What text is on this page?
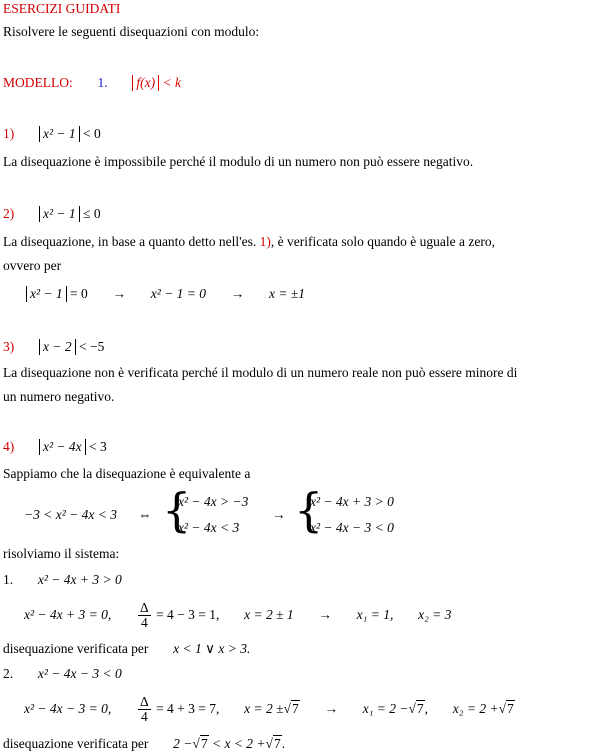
ESERCIZI GUIDATI
Risolvere le seguenti disequazioni con modulo:
MODELLO: 1. f(x) < k
1) x² − 1 < 0
La disequazione è impossibile perché il modulo di un numero non può essere negativo.
2) x² − 1 ≤ 0
La disequazione, in base a quanto detto nell'es. 1), è verificata solo quando è uguale a zero,
ovvero per
x² − 1 = 0 → x² − 1 = 0 → x = ±1
3) x − 2 < −5
La disequazione non è verificata perché il modulo di un numero reale non può essere minore di
un numero negativo.
4) x² − 4x < 3
Sappiamo che la disequazione è equivalente a
−3 < x² − 4x < 3 ⇔ {
x² − 4x > −3
x² − 4x < 3
→ {
x² − 4x + 3 > 0
x² − 4x − 3 < 0
risolviamo il sistema:
1. x² − 4x + 3 > 0
x² − 4x + 3 = 0, $\frac{\Delta}{4} = 4 - 3 = 1$, x = 2 ± 1 → x₁ = 1, x₂ = 3
disequazione verificata per x < 1 ∨ x > 3.
2. x² − 4x − 3 < 0
x² − 4x − 3 = 0, $\frac{\Delta}{4} = 4 + 3 = 7$, x = 2 ±√7 → x₁ = 2 −√7,  x₂ = 2 +√7
disequazione verificata per 2 −√7 < x < 2 +√7.
